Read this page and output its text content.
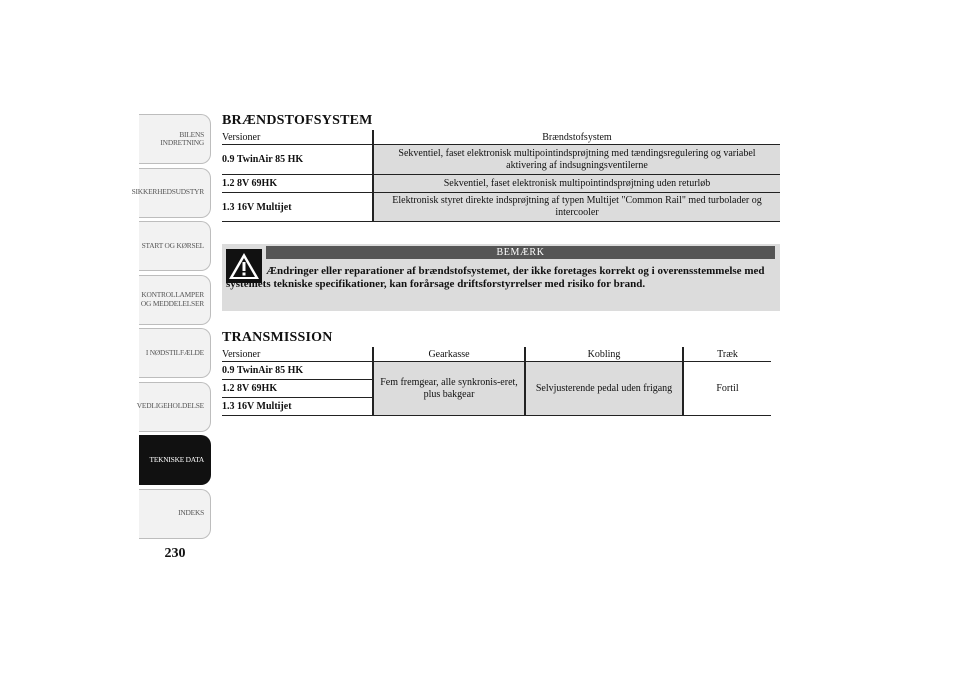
BILENS
INDRETNING
SIKKERHEDSUDSTYR
START OG KØRSEL
KONTROLLAMPER
OG MEDDELELSER
I NØDSTILFÆLDE
VEDLIGEHOLDELSE
TEKNISKE DATA
INDEKS
230
BRÆNDSTOFSYSTEM
Versioner	Brændstofsystem
0.9 TwinAir 85 HK	Sekventiel, faset elektronisk multipointindsprøjtning med tændingsregulering og variabel aktivering af indsugningsventilerne
1.2 8V 69HK	Sekventiel, faset elektronisk multipointindsprøjtning uden returløb
1.3 16V Multijet	Elektronisk styret direkte indsprøjtning af typen Multijet "Common Rail" med turbolader og intercooler
BEMÆRK
Ændringer eller reparationer af brændstofsystemet, der ikke foretages korrekt og i overensstemmelse med systemets tekniske specifikationer, kan forårsage driftsforstyrrelser med risiko for brand.
TRANSMISSION
Versioner	Gearkasse	Kobling	Træk
0.9 TwinAir 85 HK	Fem fremgear, alle synkronis-eret, plus bakgear	Selvjusterende pedal uden frigang	Fortil
1.2 8V 69HK			
1.3 16V Multijet			
